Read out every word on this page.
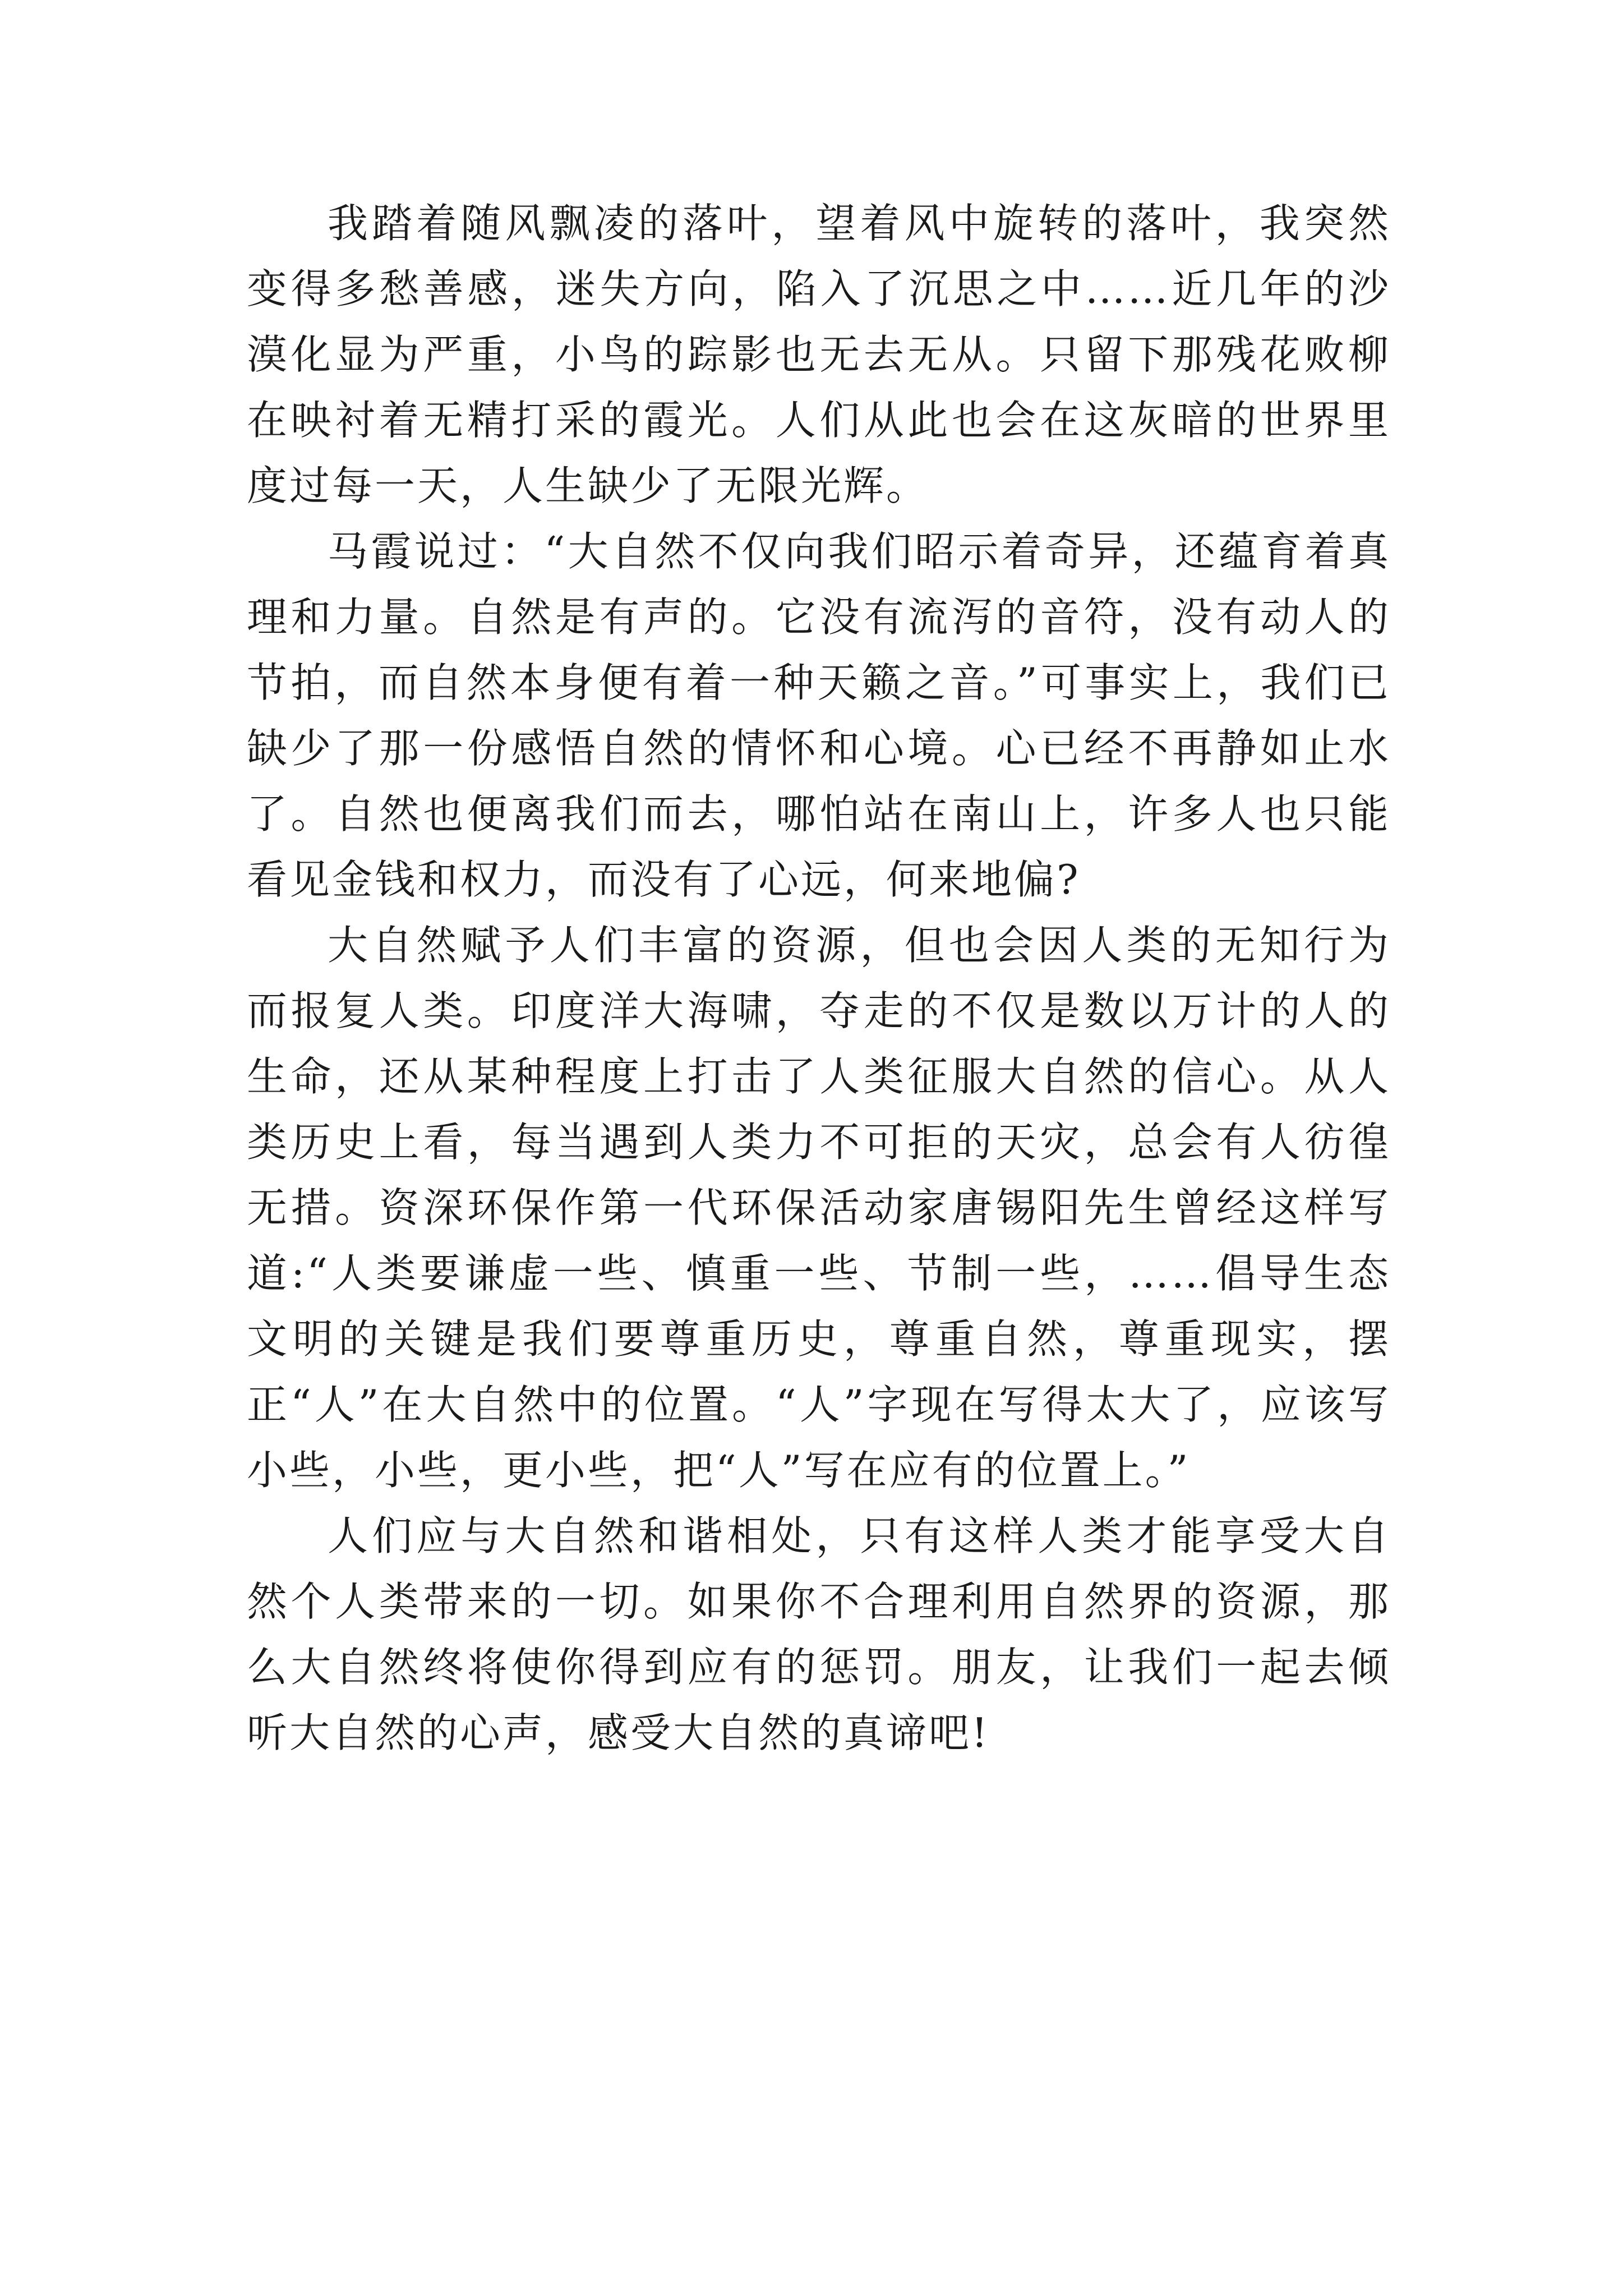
我踏着随风飘凌的落叶，望着风中旋转的落叶，我突然变得多愁善感，迷失方向，陷入了沉思之中……近几年的沙漠化显为严重，小鸟的踪影也无去无从。只留下那残花败柳在映衬着无精打采的霞光。人们从此也会在这灰暗的世界里度过每一天，人生缺少了无限光辉。

马霞说过：“大自然不仅向我们昭示着奇异，还蕴育着真理和力量。自然是有声的。它没有流泻的音符，没有动人的节拍，而自然本身便有着一种天籁之音。”可事实上，我们已缺少了那一份感悟自然的情怀和心境。心已经不再静如止水了。自然也便离我们而去，哪怕站在南山上，许多人也只能看见金钱和权力，而没有了心远，何来地偏?

大自然赋予人们丰富的资源，但也会因人类的无知行为而报复人类。印度洋大海啸，夺走的不仅是数以万计的人的生命，还从某种程度上打击了人类征服大自然的信心。从人类历史上看，每当遇到人类力不可拒的天灾，总会有人彷徨无措。资深环保作第一代环保活动家唐锡阳先生曾经这样写道:“人类要谦虚一些、慎重一些、节制一些，……倡导生态文明的关键是我们要尊重历史，尊重自然，尊重现实，摆正“人”在大自然中的位置。“人”字现在写得太大了，应该写小些，小些，更小些，把“人”写在应有的位置上。”

人们应与大自然和谐相处，只有这样人类才能享受大自然个人类带来的一切。如果你不合理利用自然界的资源，那么大自然终将使你得到应有的惩罚。朋友，让我们一起去倾听大自然的心声，感受大自然的真谛吧!
